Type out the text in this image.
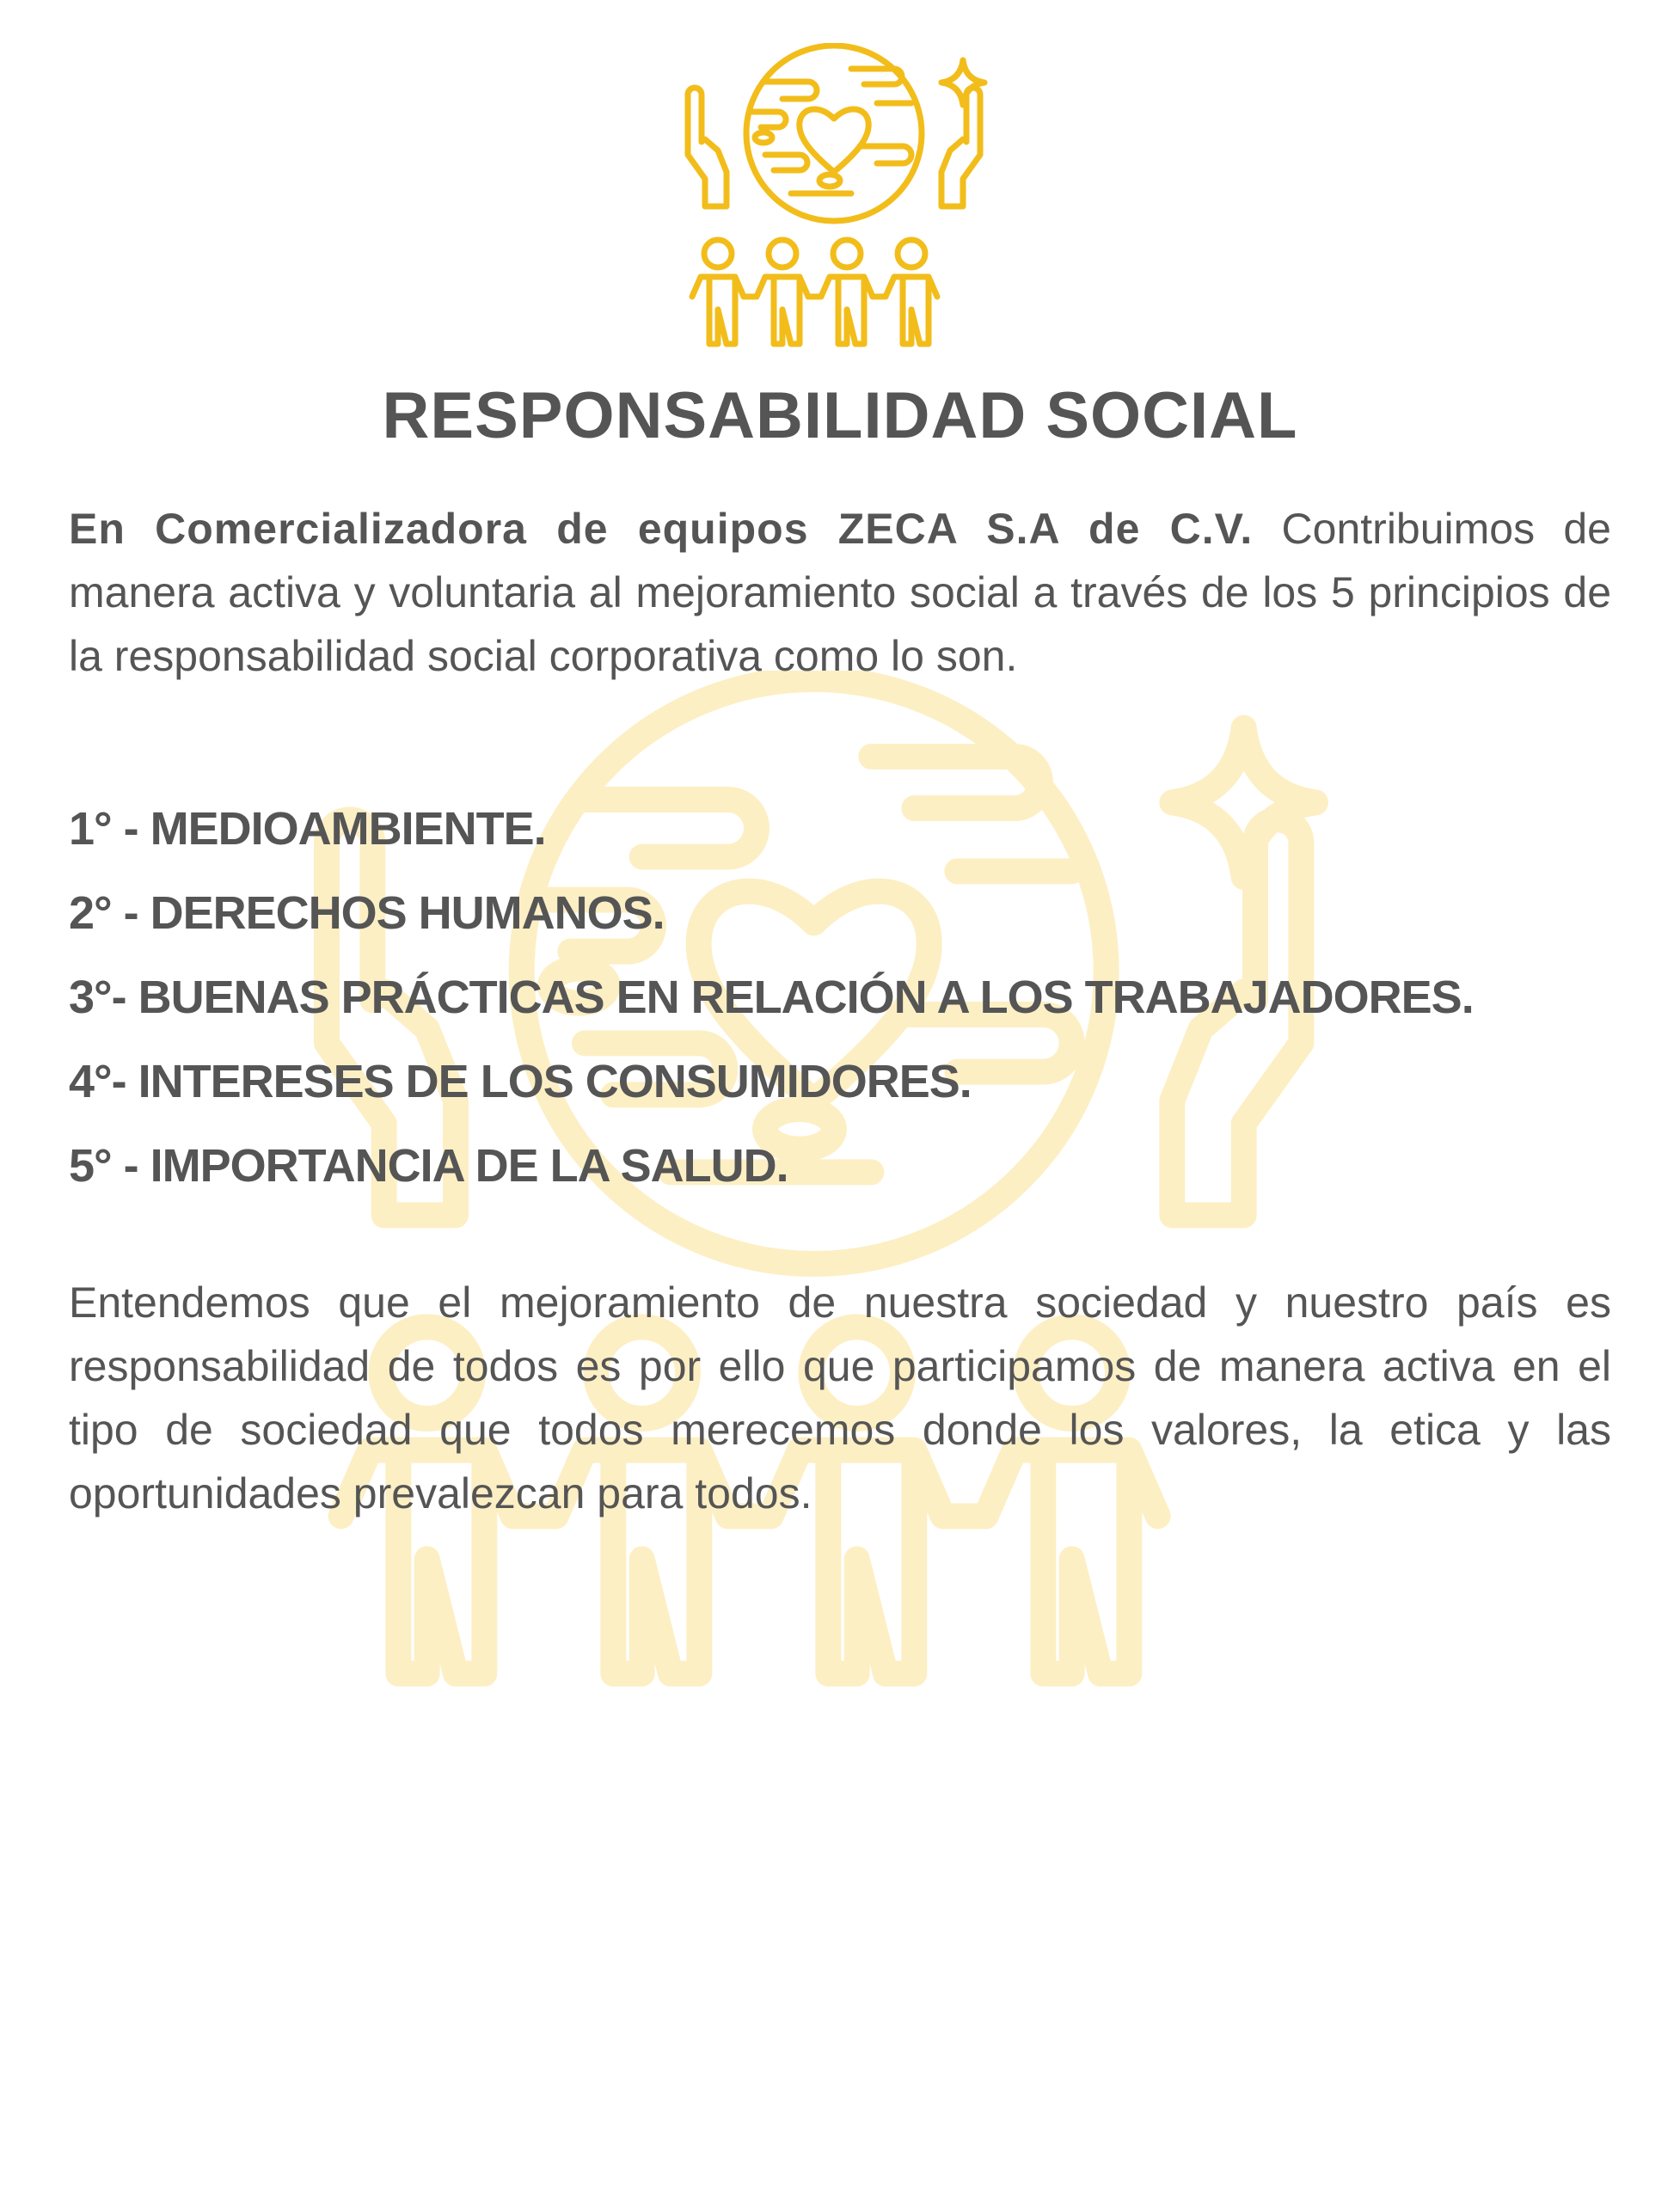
RESPONSABILIDAD SOCIAL

En Comercializadora de equipos ZECA S.A de C.V. Contribuimos de manera activa y voluntaria al mejoramiento social a través de los 5 principios de la responsabilidad social corporativa como lo son.

1° - MEDIOAMBIENTE.
2° - DERECHOS HUMANOS.
3°- BUENAS PRÁCTICAS EN RELACIÓN A LOS TRABAJADORES.
4°- INTERESES DE LOS CONSUMIDORES.
5° - IMPORTANCIA DE LA SALUD.

Entendemos que el mejoramiento de nuestra sociedad y nuestro país es responsabilidad de todos es por ello que participamos de manera activa en el tipo de sociedad que todos merecemos donde los valores, la etica y las oportunidades prevalezcan para todos.
